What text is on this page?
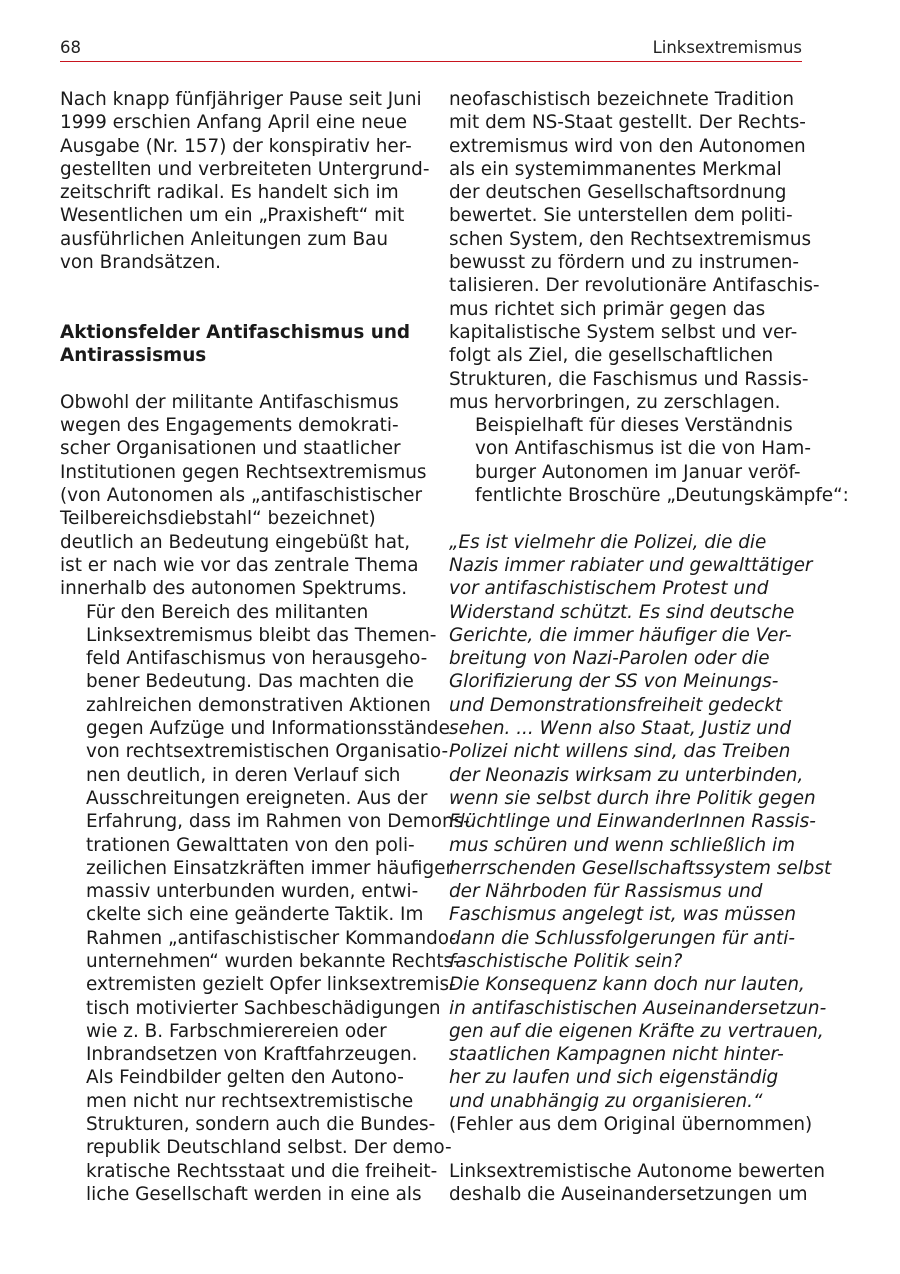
68	Linksextremismus

Nach knapp fünfjähriger Pause seit Juni
1999 erschien Anfang April eine neue
Ausgabe (Nr. 157) der konspirativ her-
gestellten und verbreiteten Untergrund-
zeitschrift radikal. Es handelt sich im
Wesentlichen um ein „Praxisheft“ mit
ausführlichen Anleitungen zum Bau
von Brandsätzen.

Aktionsfelder Antifaschismus und
Antirassismus

Obwohl der militante Antifaschismus
wegen des Engagements demokrati-
scher Organisationen und staatlicher
Institutionen gegen Rechtsextremismus
(von Autonomen als „antifaschistischer
Teilbereichsdiebstahl“ bezeichnet)
deutlich an Bedeutung eingebüßt hat,
ist er nach wie vor das zentrale Thema
innerhalb des autonomen Spektrums.

Für den Bereich des militanten
Linksextremismus bleibt das Themen-
feld Antifaschismus von herausgeho-
bener Bedeutung. Das machten die
zahlreichen demonstrativen Aktionen
gegen Aufzüge und Informationsstände
von rechtsextremistischen Organisatio-
nen deutlich, in deren Verlauf sich
Ausschreitungen ereigneten. Aus der
Erfahrung, dass im Rahmen von Demons-
trationen Gewalttaten von den poli-
zeilichen Einsatzkräften immer häufiger
massiv unterbunden wurden, entwi-
ckelte sich eine geänderte Taktik. Im
Rahmen „antifaschistischer Kommando-
unternehmen“ wurden bekannte Rechts-
extremisten gezielt Opfer linksextremis-
tisch motivierter Sachbeschädigungen
wie z. B. Farbschmierereien oder
Inbrandsetzen von Kraftfahrzeugen.

Als Feindbilder gelten den Autono-
men nicht nur rechtsextremistische
Strukturen, sondern auch die Bundes-
republik Deutschland selbst. Der demo-
kratische Rechtsstaat und die freiheit-
liche Gesellschaft werden in eine als

neofaschistisch bezeichnete Tradition
mit dem NS-Staat gestellt. Der Rechts-
extremismus wird von den Autonomen
als ein systemimmanentes Merkmal
der deutschen Gesellschaftsordnung
bewertet. Sie unterstellen dem politi-
schen System, den Rechtsextremismus
bewusst zu fördern und zu instrumen-
talisieren. Der revolutionäre Antifaschis-
mus richtet sich primär gegen das
kapitalistische System selbst und ver-
folgt als Ziel, die gesellschaftlichen
Strukturen, die Faschismus und Rassis-
mus hervorbringen, zu zerschlagen.

Beispielhaft für dieses Verständnis
von Antifaschismus ist die von Ham-
burger Autonomen im Januar veröf-
fentlichte Broschüre „Deutungskämpfe“:

„Es ist vielmehr die Polizei, die die
Nazis immer rabiater und gewalttätiger
vor antifaschistischem Protest und
Widerstand schützt. Es sind deutsche
Gerichte, die immer häufiger die Ver-
breitung von Nazi-Parolen oder die
Glorifizierung der SS von Meinungs-
und Demonstrationsfreiheit gedeckt
sehen. ... Wenn also Staat, Justiz und
Polizei nicht willens sind, das Treiben
der Neonazis wirksam zu unterbinden,
wenn sie selbst durch ihre Politik gegen
Flüchtlinge und EinwanderInnen Rassis-
mus schüren und wenn schließlich im
herrschenden Gesellschaftssystem selbst
der Nährboden für Rassismus und
Faschismus angelegt ist, was müssen
dann die Schlussfolgerungen für anti-
faschistische Politik sein?
Die Konsequenz kann doch nur lauten,
in antifaschistischen Auseinandersetzun-
gen auf die eigenen Kräfte zu vertrauen,
staatlichen Kampagnen nicht hinter-
her zu laufen und sich eigenständig
und unabhängig zu organisieren.“

(Fehler aus dem Original übernommen)

Linksextremistische Autonome bewerten
deshalb die Auseinandersetzungen um
